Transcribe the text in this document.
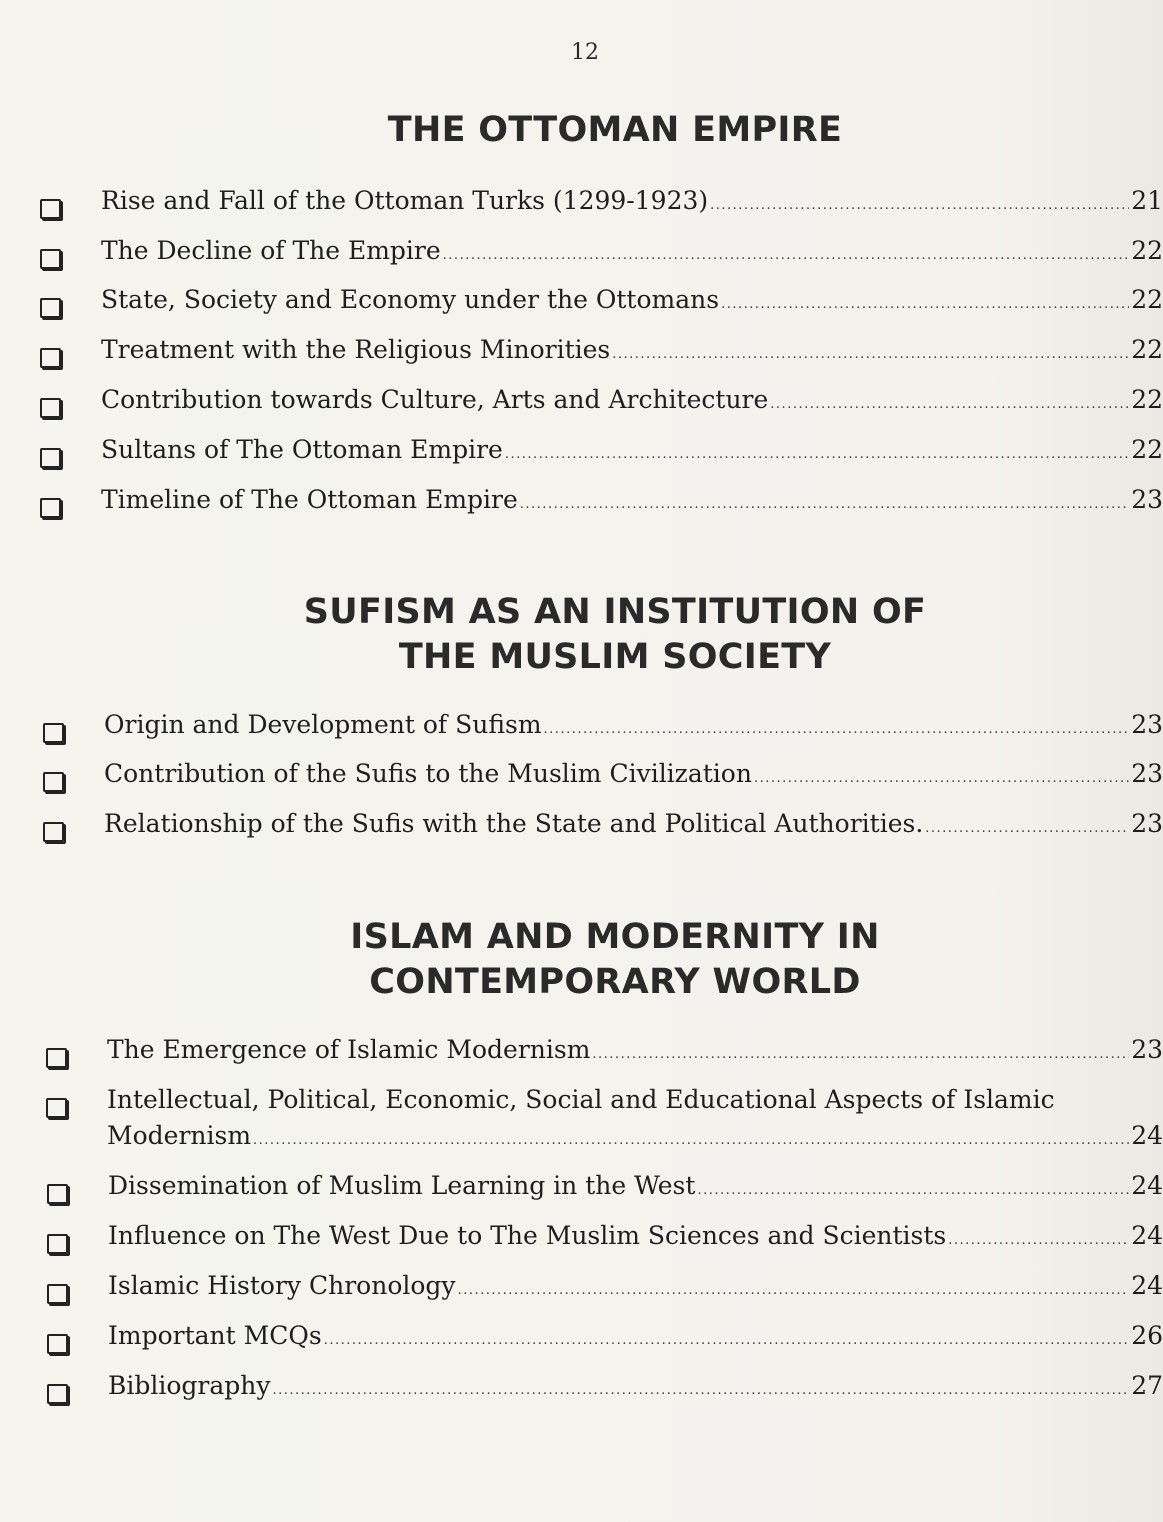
12
THE OTTOMAN EMPIRE
Rise and Fall of the Ottoman Turks (1299-1923) .....	21
The Decline of The Empire .....	22
State, Society and Economy under the Ottomans .....	22
Treatment with the Religious Minorities .....	22
Contribution towards Culture, Arts and Architecture .....	22
Sultans of The Ottoman Empire .....	22
Timeline of The Ottoman Empire .....	23
SUFISM AS AN INSTITUTION OF
THE MUSLIM SOCIETY
Origin and Development of Sufism .....	23
Contribution of the Sufis to the Muslim Civilization .....	23
Relationship of the Sufis with the State and Political Authorities. .....	23
ISLAM AND MODERNITY IN
CONTEMPORARY WORLD
The Emergence of Islamic Modernism .....	23
Intellectual, Political, Economic, Social and Educational Aspects of Islamic
Modernism .....	24
Dissemination of Muslim Learning in the West .....	24
Influence on The West Due to The Muslim Sciences and Scientists .....	24
Islamic History Chronology .....	24
Important MCQs .....	26
Bibliography .....	27
